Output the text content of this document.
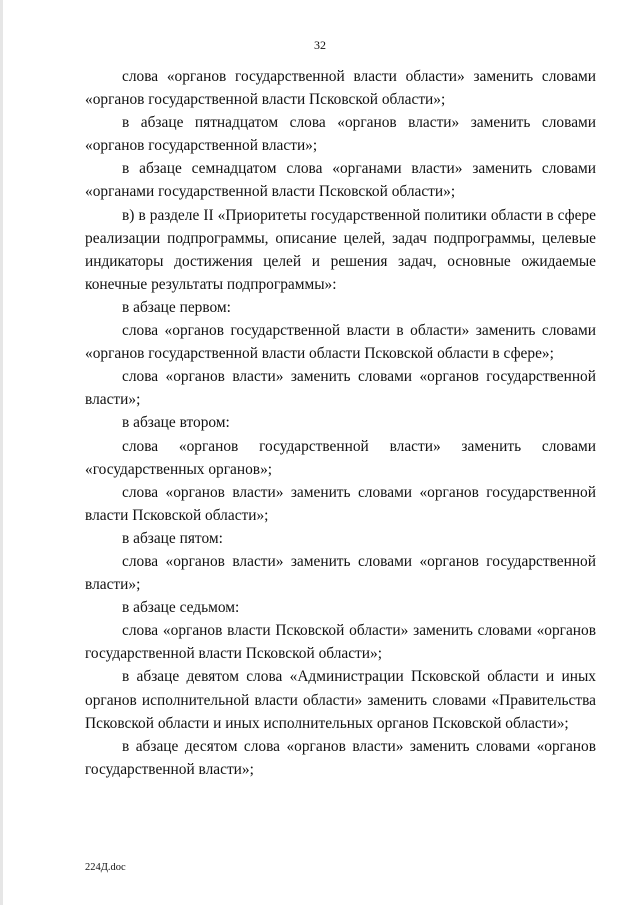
32

слова «органов государственной власти области» заменить словами «органов государственной власти Псковской области»;

в абзаце пятнадцатом слова «органов власти» заменить словами «органов государственной власти»;

в абзаце семнадцатом слова «органами власти» заменить словами «органами государственной власти Псковской области»;

в) в разделе II «Приоритеты государственной политики области в сфере реализации подпрограммы, описание целей, задач подпрограммы, целевые индикаторы достижения целей и решения задач, основные ожидаемые конечные результаты подпрограммы»:

в абзаце первом:

слова «органов государственной власти в области» заменить словами «органов государственной власти области Псковской области в сфере»;

слова «органов власти» заменить словами «органов государственной власти»;

в абзаце втором:

слова «органов государственной власти» заменить словами «государственных органов»;

слова «органов власти» заменить словами «органов государственной власти Псковской области»;

в абзаце пятом:

слова «органов власти» заменить словами «органов государственной власти»;

в абзаце седьмом:

слова «органов власти Псковской области» заменить словами «органов государственной власти Псковской области»;

в абзаце девятом слова «Администрации Псковской области и иных органов исполнительной власти области» заменить словами «Правительства Псковской области и иных исполнительных органов Псковской области»;

в абзаце десятом слова «органов власти» заменить словами «органов государственной власти»;

224Д.doc
